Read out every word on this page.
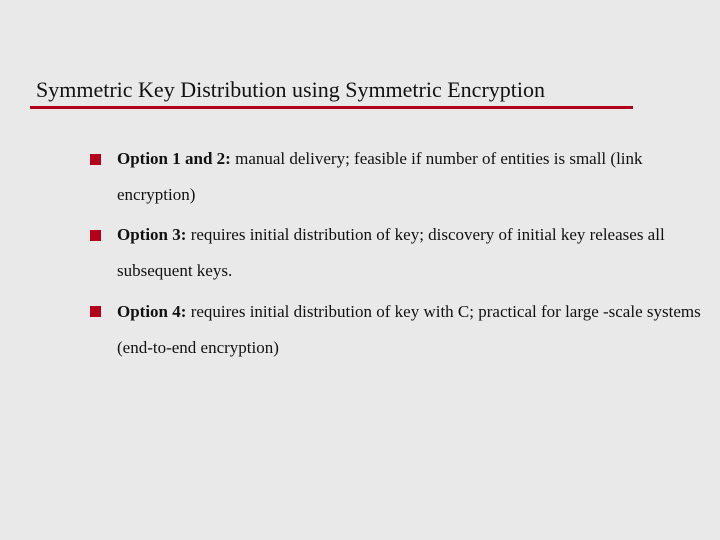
Symmetric Key Distribution using Symmetric Encryption
Option 1 and 2: manual delivery; feasible if number of entities is small (link encryption)
Option 3: requires initial distribution of key; discovery of initial key releases all subsequent keys.
Option 4: requires initial distribution of key with C; practical for large -scale systems (end-to-end encryption)
